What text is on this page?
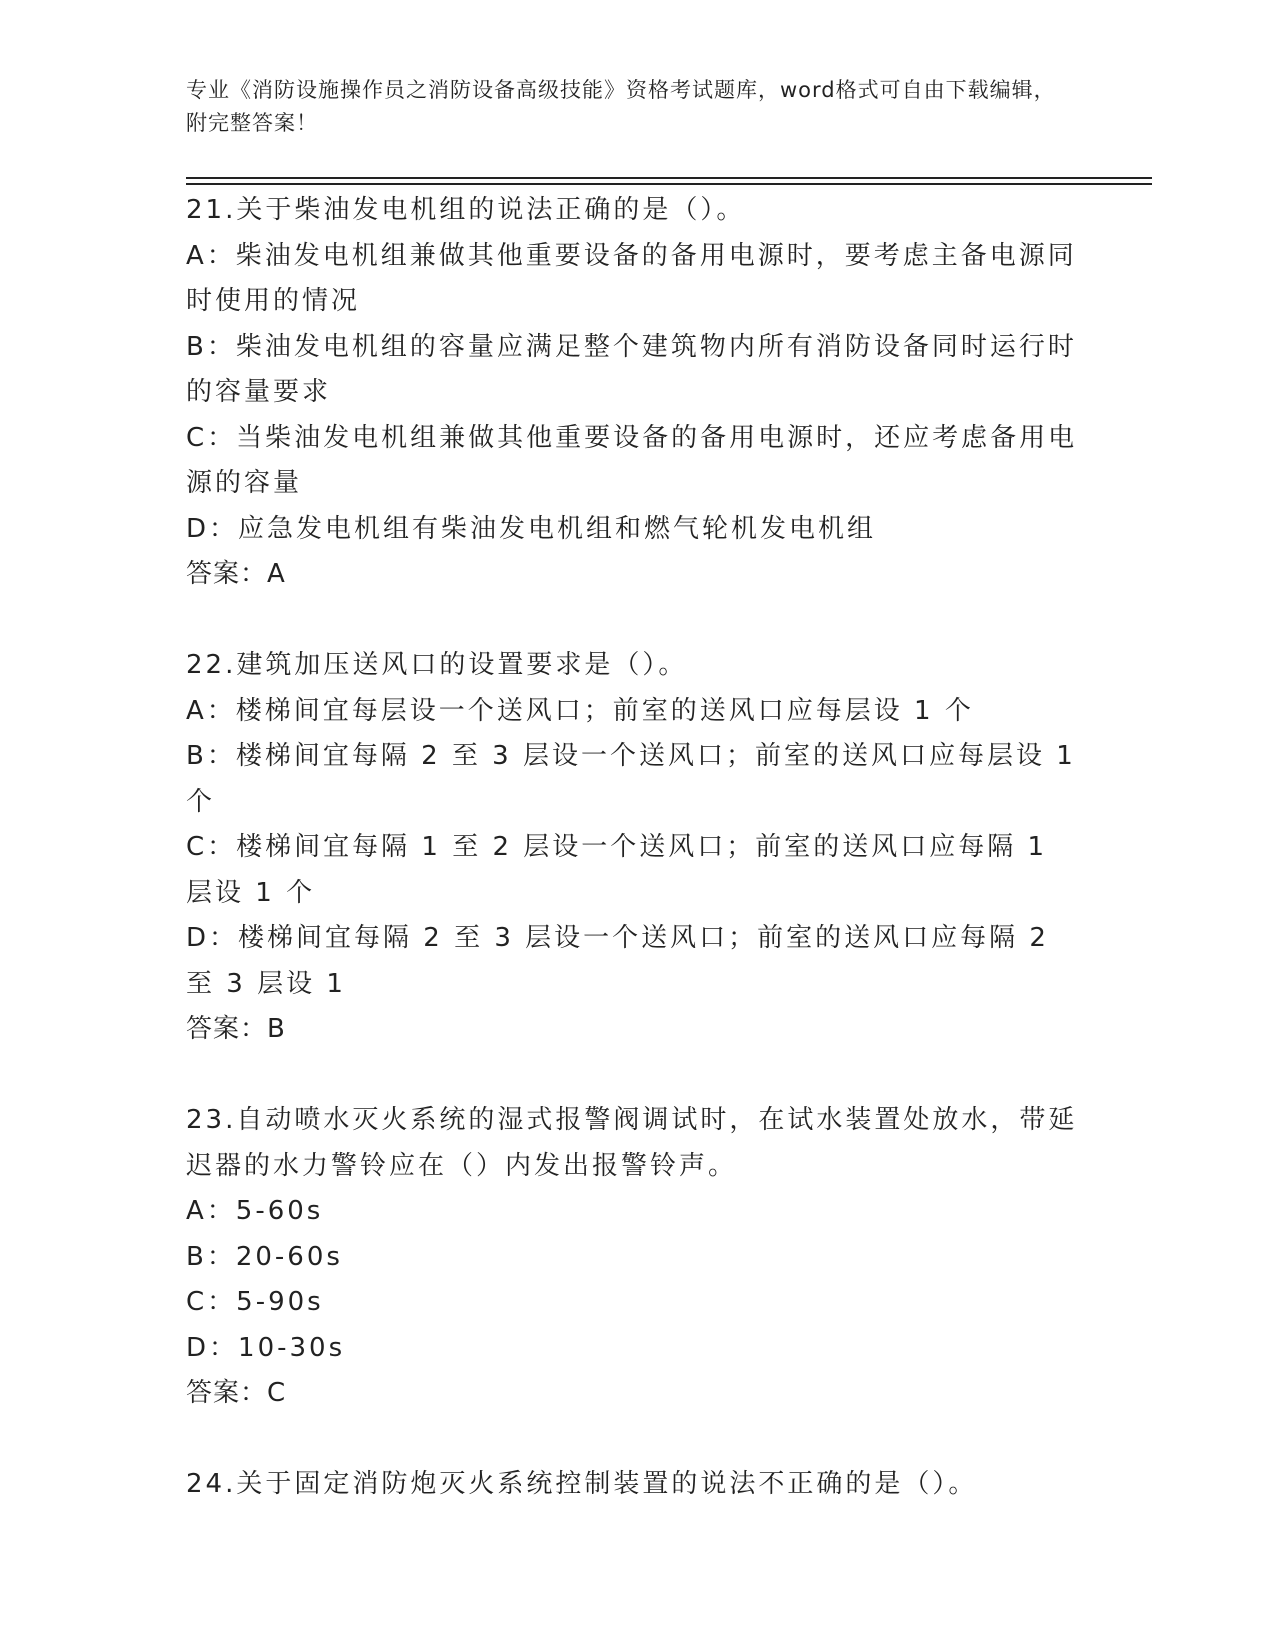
专业《消防设施操作员之消防设备高级技能》资格考试题库，word格式可自由下载编辑，附完整答案！

21.关于柴油发电机组的说法正确的是（）。

A：柴油发电机组兼做其他重要设备的备用电源时，要考虑主备电源同时使用的情况

B：柴油发电机组的容量应满足整个建筑物内所有消防设备同时运行时的容量要求

C：当柴油发电机组兼做其他重要设备的备用电源时，还应考虑备用电源的容量

D：应急发电机组有柴油发电机组和燃气轮机发电机组

答案：A

22.建筑加压送风口的设置要求是（）。

A：楼梯间宜每层设一个送风口；前室的送风口应每层设 1 个

B：楼梯间宜每隔 2 至 3 层设一个送风口；前室的送风口应每层设 1 个

C：楼梯间宜每隔 1 至 2 层设一个送风口；前室的送风口应每隔 1 层设 1 个

D：楼梯间宜每隔 2 至 3 层设一个送风口；前室的送风口应每隔 2 至 3 层设 1

答案：B

23.自动喷水灭火系统的湿式报警阀调试时，在试水装置处放水，带延迟器的水力警铃应在（）内发出报警铃声。

A：5-60s

B：20-60s

C：5-90s

D：10-30s

答案：C

24.关于固定消防炮灭火系统控制装置的说法不正确的是（）。
